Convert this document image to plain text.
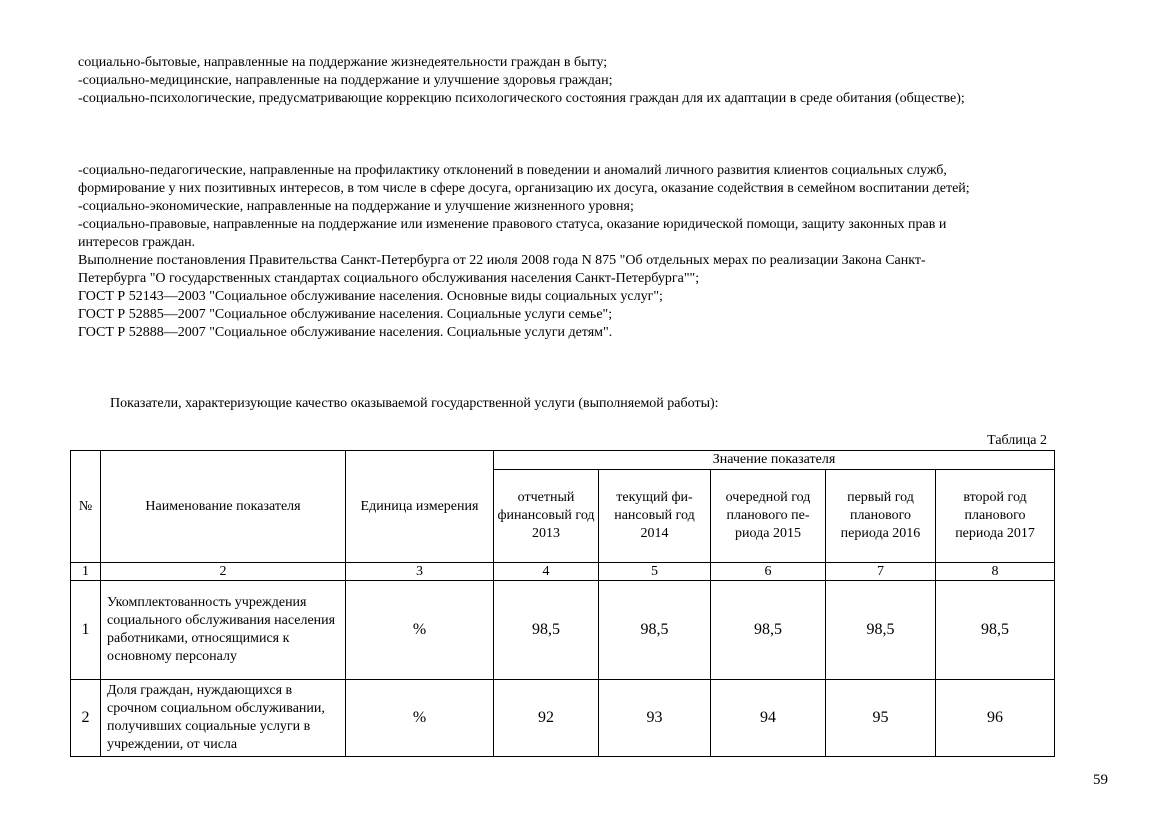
социально-бытовые, направленные на поддержание жизнедеятельности граждан в быту;
-социально-медицинские, направленные на поддержание и улучшение здоровья граждан;
-социально-психологические, предусматривающие коррекцию психологического состояния граждан для их адаптации в среде обитания (обществе);
-социально-педагогические, направленные на профилактику отклонений в поведении и аномалий личного развития клиентов социальных служб,
формирование у них позитивных интересов, в том числе в сфере досуга, организацию их досуга, оказание содействия в семейном воспитании детей;
-социально-экономические, направленные на поддержание и улучшение жизненного уровня;
-социально-правовые, направленные на поддержание или изменение правового статуса, оказание юридической помощи, защиту законных прав и
интересов граждан.
Выполнение постановления Правительства Санкт-Петербурга от 22 июля 2008 года N 875 "Об отдельных мерах по реализации Закона Санкт-
Петербурга "О государственных стандартах социального обслуживания населения Санкт-Петербурга"";
ГОСТ Р 52143—2003 "Социальное обслуживание населения. Основные виды социальных услуг";
ГОСТ Р 52885—2007 "Социальное обслуживание населения. Социальные услуги семье";
ГОСТ Р 52888—2007 "Социальное обслуживание населения. Социальные услуги детям".
Показатели, характеризующие качество оказываемой государственной услуги (выполняемой работы):
Таблица 2
№	Наименование показателя	Единица измерения	Значение показателя				
			отчетный финансовый год 2013	текущий финансовый год 2014	очередной год планового периода 2015	первый год планового периода 2016	второй год планового периода 2017
1	2	3	4	5	6	7	8
1	Укомплектованность учреждения социального обслуживания населения работниками, относящимися к основному персоналу	%	98,5	98,5	98,5	98,5	98,5
2	Доля граждан, нуждающихся в срочном социальном обслуживании, получивших социальные услуги в учреждении, от числа	%	92	93	94	95	96
59
